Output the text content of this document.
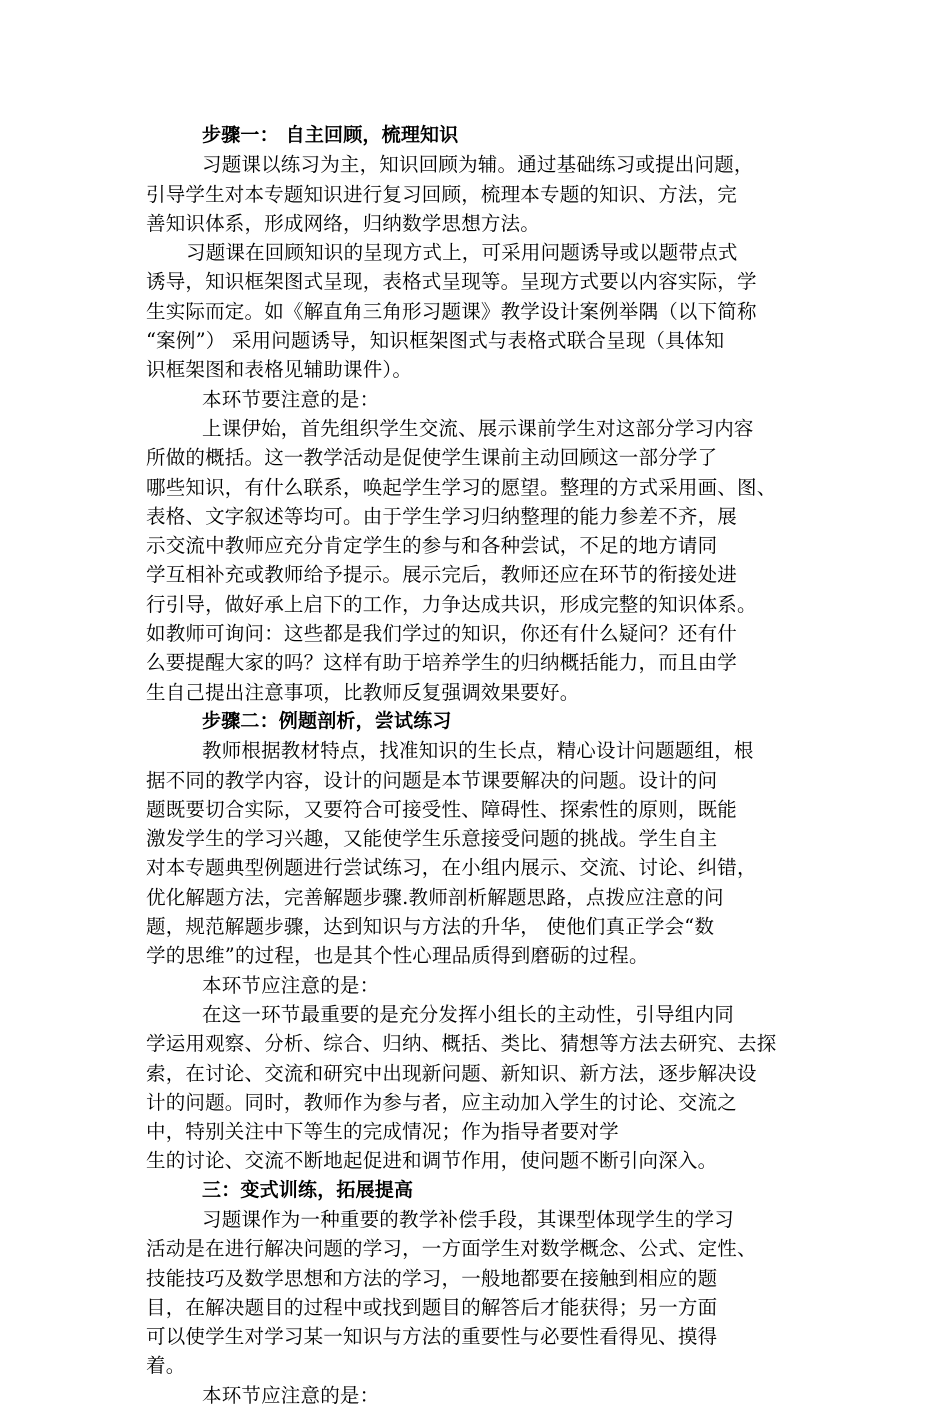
步骤一： 自主回顾，梳理知识
习题课以练习为主，知识回顾为辅。通过基础练习或提出问题，
引导学生对本专题知识进行复习回顾，梳理本专题的知识、方法，完
善知识体系，形成网络，归纳数学思想方法。
习题课在回顾知识的呈现方式上，可采用问题诱导或以题带点式
诱导，知识框架图式呈现，表格式呈现等。呈现方式要以内容实际，学
生实际而定。如《解直角三角形习题课》教学设计案例举隅（以下简称
“案例”） 采用问题诱导，知识框架图式与表格式联合呈现（具体知
识框架图和表格见辅助课件）。
本环节要注意的是：
上课伊始，首先组织学生交流、展示课前学生对这部分学习内容
所做的概括。这一教学活动是促使学生课前主动回顾这一部分学了
哪些知识，有什么联系，唤起学生学习的愿望。整理的方式采用画、图、
表格、文字叙述等均可。由于学生学习归纳整理的能力参差不齐，展
示交流中教师应充分肯定学生的参与和各种尝试，不足的地方请同
学互相补充或教师给予提示。展示完后，教师还应在环节的衔接处进
行引导，做好承上启下的工作，力争达成共识，形成完整的知识体系。
如教师可询问：这些都是我们学过的知识，你还有什么疑问？还有什
么要提醒大家的吗？这样有助于培养学生的归纳概括能力，而且由学
生自己提出注意事项，比教师反复强调效果要好。
步骤二：例题剖析，尝试练习
教师根据教材特点，找准知识的生长点，精心设计问题题组，根
据不同的教学内容，设计的问题是本节课要解决的问题。设计的问
题既要切合实际，又要符合可接受性、障碍性、探索性的原则，既能
激发学生的学习兴趣，又能使学生乐意接受问题的挑战。学生自主
对本专题典型例题进行尝试练习，在小组内展示、交流、讨论、纠错，
优化解题方法，完善解题步骤.教师剖析解题思路，点拨应注意的问
题，规范解题步骤，达到知识与方法的升华， 使他们真正学会“数
学的思维”的过程，也是其个性心理品质得到磨砺的过程。
本环节应注意的是：
在这一环节最重要的是充分发挥小组长的主动性，引导组内同
学运用观察、分析、综合、归纳、概括、类比、猜想等方法去研究、去探
索，在讨论、交流和研究中出现新问题、新知识、新方法，逐步解决设
计的问题。同时，教师作为参与者，应主动加入学生的讨论、交流之
中，特别关注中下等生的完成情况；作为指导者要对学
生的讨论、交流不断地起促进和调节作用，使问题不断引向深入。
三：变式训练，拓展提高
习题课作为一种重要的教学补偿手段，其课型体现学生的学习
活动是在进行解决问题的学习，一方面学生对数学概念、公式、定性、
技能技巧及数学思想和方法的学习，一般地都要在接触到相应的题
目，在解决题目的过程中或找到题目的解答后才能获得；另一方面
可以使学生对学习某一知识与方法的重要性与必要性看得见、摸得
着。
本环节应注意的是：
